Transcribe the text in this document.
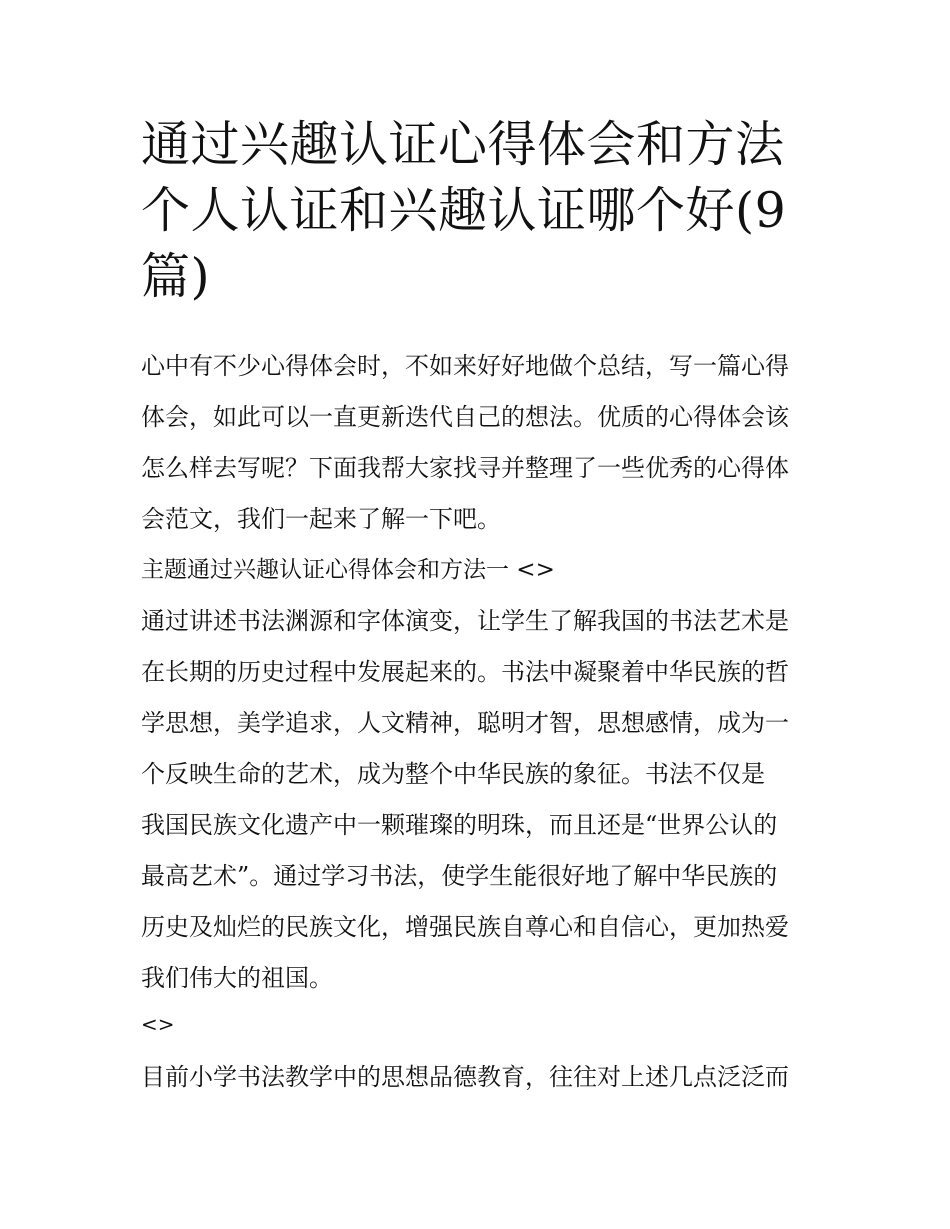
通过兴趣认证心得体会和方法
个人认证和兴趣认证哪个好(9
篇)

心中有不少心得体会时，不如来好好地做个总结，写一篇心得
体会，如此可以一直更新迭代自己的想法。优质的心得体会该
怎么样去写呢？下面我帮大家找寻并整理了一些优秀的心得体
会范文，我们一起来了解一下吧。

主题通过兴趣认证心得体会和方法一 <>

通过讲述书法渊源和字体演变，让学生了解我国的书法艺术是
在长期的历史过程中发展起来的。书法中凝聚着中华民族的哲
学思想，美学追求，人文精神，聪明才智，思想感情，成为一
个反映生命的艺术，成为整个中华民族的象征。书法不仅是
我国民族文化遗产中一颗璀璨的明珠，而且还是“世界公认的
最高艺术”。通过学习书法，使学生能很好地了解中华民族的
历史及灿烂的民族文化，增强民族自尊心和自信心，更加热爱
我们伟大的祖国。

<>

目前小学书法教学中的思想品德教育，往往对上述几点泛泛而
